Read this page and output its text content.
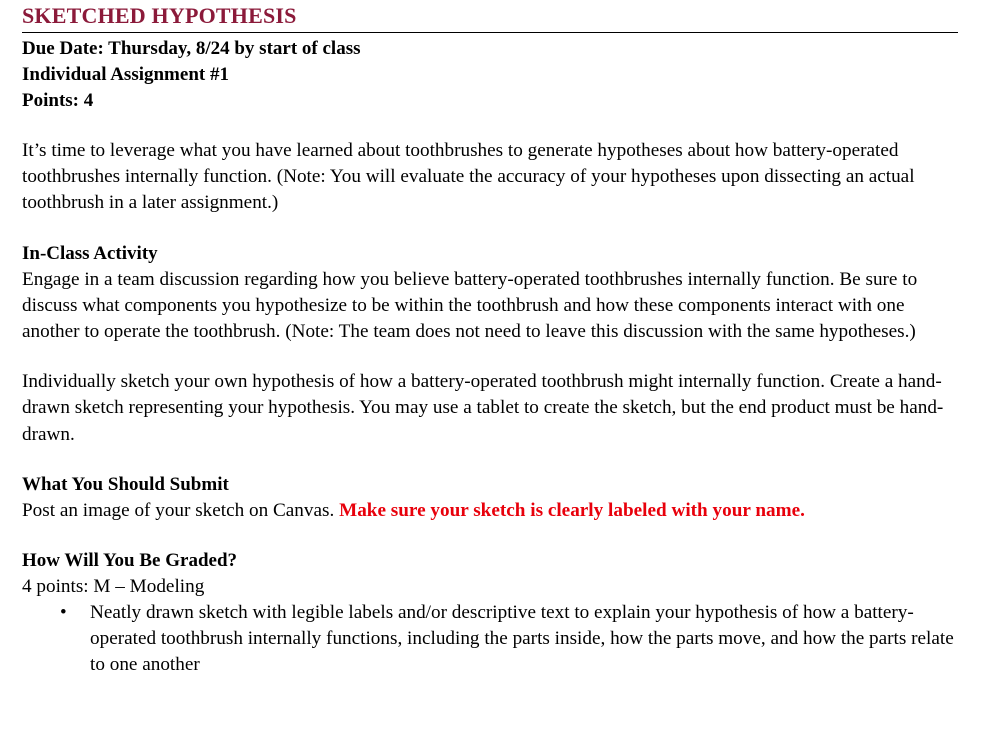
SKETCHED HYPOTHESIS
Due Date: Thursday, 8/24 by start of class
Individual Assignment #1
Points: 4

It’s time to leverage what you have learned about toothbrushes to generate hypotheses about how battery-operated toothbrushes internally function. (Note: You will evaluate the accuracy of your hypotheses upon dissecting an actual toothbrush in a later assignment.)

In-Class Activity

Engage in a team discussion regarding how you believe battery-operated toothbrushes internally function. Be sure to discuss what components you hypothesize to be within the toothbrush and how these components interact with one another to operate the toothbrush. (Note: The team does not need to leave this discussion with the same hypotheses.)

Individually sketch your own hypothesis of how a battery-operated toothbrush might internally function. Create a hand-drawn sketch representing your hypothesis. You may use a tablet to create the sketch, but the end product must be hand-drawn.

What You Should Submit

Post an image of your sketch on Canvas. Make sure your sketch is clearly labeled with your name.

How Will You Be Graded?

4 points: M – Modeling

• Neatly drawn sketch with legible labels and/or descriptive text to explain your hypothesis of how a battery-operated toothbrush internally functions, including the parts inside, how the parts move, and how the parts relate to one another
